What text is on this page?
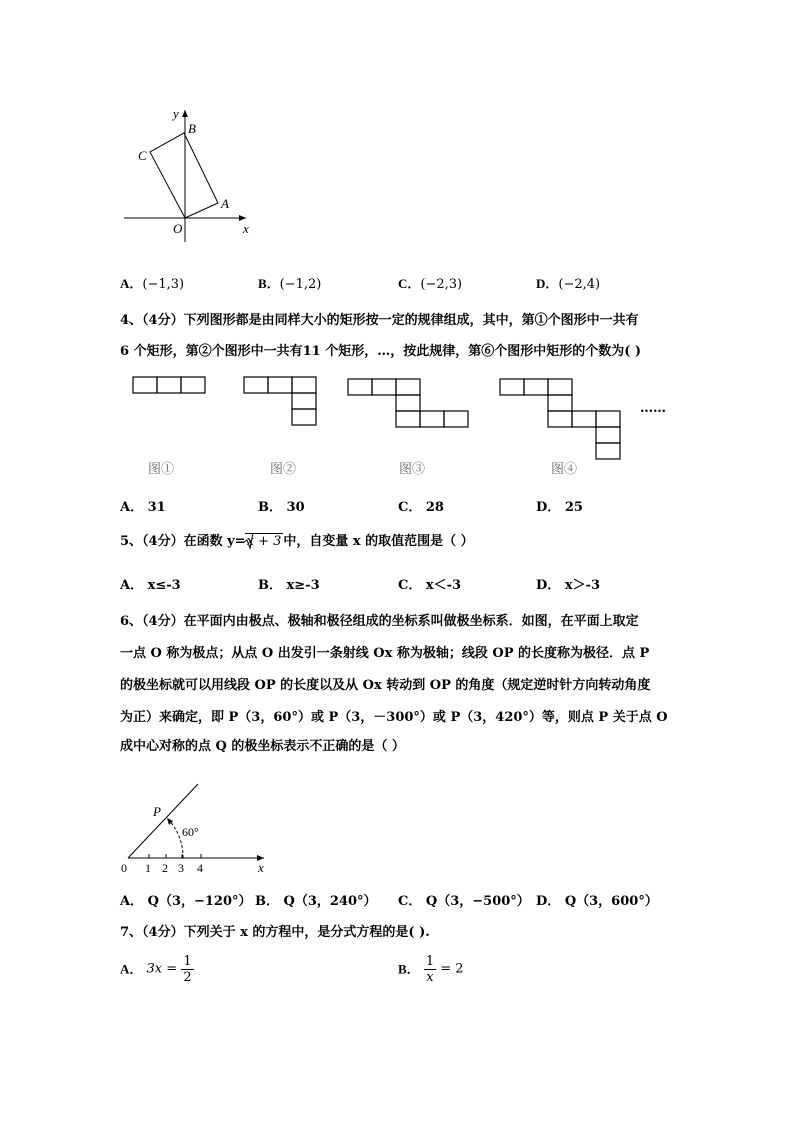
y
B
C
A
O	x
A．(−1,3)	B．(−1,2)	C．(−2,3)	D．(−2,4)
4、（4分）下列图形都是由同样大小的矩形按一定的规律组成，其中，第①个图形中一共有
6 个矩形，第②个图形中一共有11 个矩形，…，按此规律，第⑥个图形中矩形的个数为( )
……
图①	图②	图③	图④
A． 31	B． 30	C． 28	D． 25
5、（4分）在函数 y=x + 3 中，自变量 x 的取值范围是（ ）
A． x≤-3	B． x≥-3	C． x＜-3	D． x＞-3
6、（4分）在平面内由极点、极轴和极径组成的坐标系叫做极坐标系．如图，在平面上取定
一点 O 称为极点；从点 O 出发引一条射线 Ox 称为极轴；线段 OP 的长度称为极径．点 P
的极坐标就可以用线段 OP 的长度以及从 Ox 转动到 OP 的角度（规定逆时针方向转动角度
为正）来确定，即 P（3，60°）或 P（3，－300°）或 P（3，420°）等，则点 P 关于点 O
成中心对称的点 Q 的极坐标表示不正确的是（ ）
P
60°
0 1 2 3 4	x
A． Q（3，−120°） B． Q（3，240°） C． Q（3，−500°） D． Q（3，600°）
7、（4分）下列关于 x 的方程中，是分式方程的是( ).
A． $3x = \frac{1}{2}$	B． $\frac{1}{x} = 2$
